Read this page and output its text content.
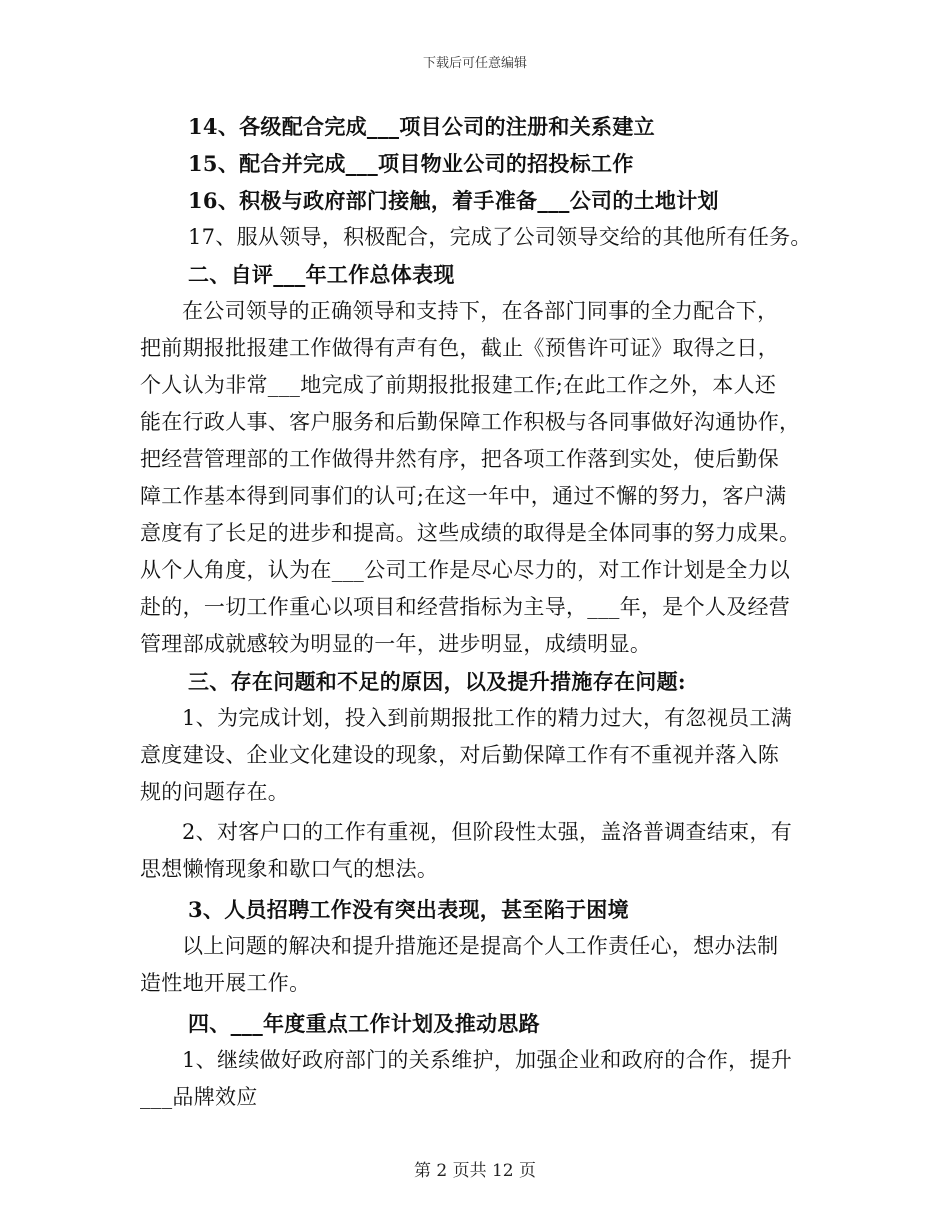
下载后可任意编辑
14、各级配合完成___项目公司的注册和关系建立
15、配合并完成___项目物业公司的招投标工作
16、积极与政府部门接触，着手准备___公司的土地计划
17、服从领导，积极配合，完成了公司领导交给的其他所有任务。
二、自评___年工作总体表现
在公司领导的正确领导和支持下，在各部门同事的全力配合下，
把前期报批报建工作做得有声有色，截止《预售许可证》取得之日，
个人认为非常___地完成了前期报批报建工作;在此工作之外，本人还
能在行政人事、客户服务和后勤保障工作积极与各同事做好沟通协作，
把经营管理部的工作做得井然有序，把各项工作落到实处，使后勤保
障工作基本得到同事们的认可;在这一年中，通过不懈的努力，客户满
意度有了长足的进步和提高。这些成绩的取得是全体同事的努力成果。
从个人角度，认为在___公司工作是尽心尽力的，对工作计划是全力以
赴的，一切工作重心以项目和经营指标为主导，___年，是个人及经营
管理部成就感较为明显的一年，进步明显，成绩明显。
三、存在问题和不足的原因，以及提升措施存在问题:
1、为完成计划，投入到前期报批工作的精力过大，有忽视员工满
意度建设、企业文化建设的现象，对后勤保障工作有不重视并落入陈
规的问题存在。
2、对客户口的工作有重视，但阶段性太强，盖洛普调查结束，有
思想懒惰现象和歇口气的想法。
3、人员招聘工作没有突出表现，甚至陷于困境
以上问题的解决和提升措施还是提高个人工作责任心，想办法制
造性地开展工作。
四、___年度重点工作计划及推动思路
1、继续做好政府部门的关系维护，加强企业和政府的合作，提升
___品牌效应
第 2 页共 12 页
